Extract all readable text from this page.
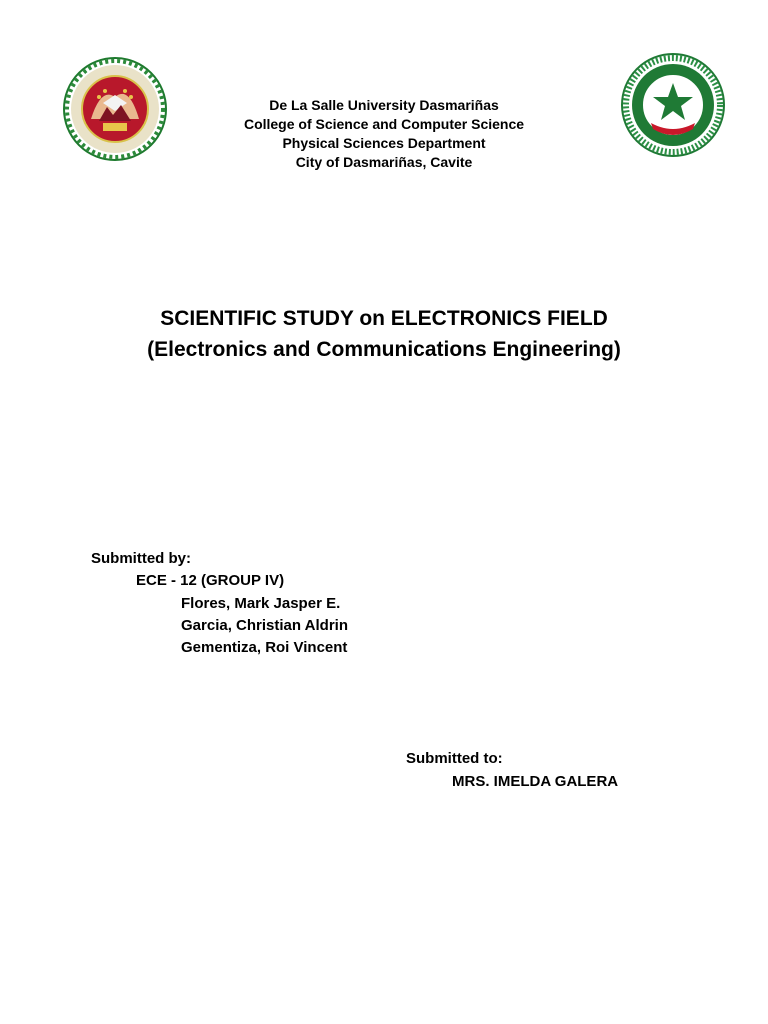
De La Salle University Dasmariñas
College of Science and Computer Science
Physical Sciences Department
City of Dasmariñas, Cavite
SCIENTIFIC STUDY on ELECTRONICS FIELD
(Electronics and Communications Engineering)
Submitted by:
ECE - 12 (GROUP IV)
Flores, Mark Jasper E.
Garcia, Christian Aldrin
Gementiza, Roi Vincent
Submitted to:
MRS. IMELDA GALERA
